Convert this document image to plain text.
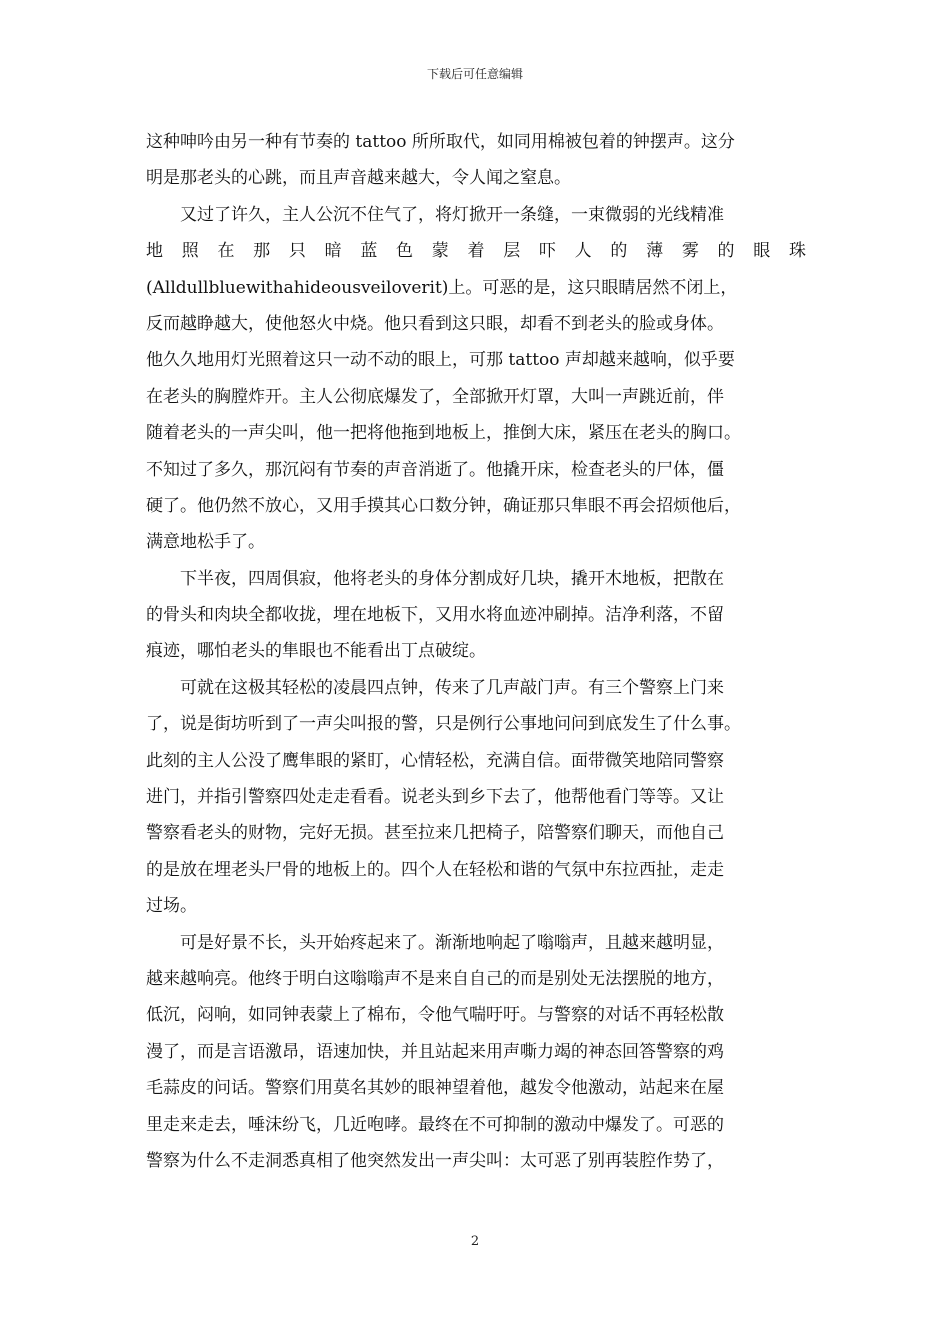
下载后可任意编辑
这种呻吟由另一种有节奏的 tattoo 所所取代，如同用棉被包着的钟摆声。这分
明是那老头的心跳，而且声音越来越大，令人闻之窒息。
又过了许久，主人公沉不住气了，将灯掀开一条缝，一束微弱的光线精准
地 照 在 那 只 暗 蓝 色 蒙 着 层 吓 人 的 薄 雾 的 眼 珠
(Alldullbluewithahideousveiloverit)上。可恶的是，这只眼睛居然不闭上，
反而越睁越大，使他怒火中烧。他只看到这只眼，却看不到老头的脸或身体。
他久久地用灯光照着这只一动不动的眼上，可那 tattoo 声却越来越响，似乎要
在老头的胸膛炸开。主人公彻底爆发了，全部掀开灯罩，大叫一声跳近前，伴
随着老头的一声尖叫，他一把将他拖到地板上，推倒大床，紧压在老头的胸口。
不知过了多久，那沉闷有节奏的声音消逝了。他撬开床，检查老头的尸体，僵
硬了。他仍然不放心，又用手摸其心口数分钟，确证那只隼眼不再会招烦他后，
满意地松手了。
下半夜，四周俱寂，他将老头的身体分割成好几块，撬开木地板，把散在
的骨头和肉块全都收拢，埋在地板下，又用水将血迹冲刷掉。洁净利落，不留
痕迹，哪怕老头的隼眼也不能看出丁点破绽。
可就在这极其轻松的凌晨四点钟，传来了几声敲门声。有三个警察上门来
了，说是街坊听到了一声尖叫报的警，只是例行公事地问问到底发生了什么事。
此刻的主人公没了鹰隼眼的紧盯，心情轻松，充满自信。面带微笑地陪同警察
进门，并指引警察四处走走看看。说老头到乡下去了，他帮他看门等等。又让
警察看老头的财物，完好无损。甚至拉来几把椅子，陪警察们聊天，而他自己
的是放在埋老头尸骨的地板上的。四个人在轻松和谐的气氛中东拉西扯，走走
过场。
可是好景不长，头开始疼起来了。渐渐地响起了嗡嗡声，且越来越明显，
越来越响亮。他终于明白这嗡嗡声不是来自自己的而是别处无法摆脱的地方，
低沉，闷响，如同钟表蒙上了棉布，令他气喘吁吁。与警察的对话不再轻松散
漫了，而是言语激昂，语速加快，并且站起来用声嘶力竭的神态回答警察的鸡
毛蒜皮的问话。警察们用莫名其妙的眼神望着他，越发令他激动，站起来在屋
里走来走去，唾沫纷飞，几近咆哮。最终在不可抑制的激动中爆发了。可恶的
警察为什么不走洞悉真相了他突然发出一声尖叫：太可恶了别再装腔作势了，
2
